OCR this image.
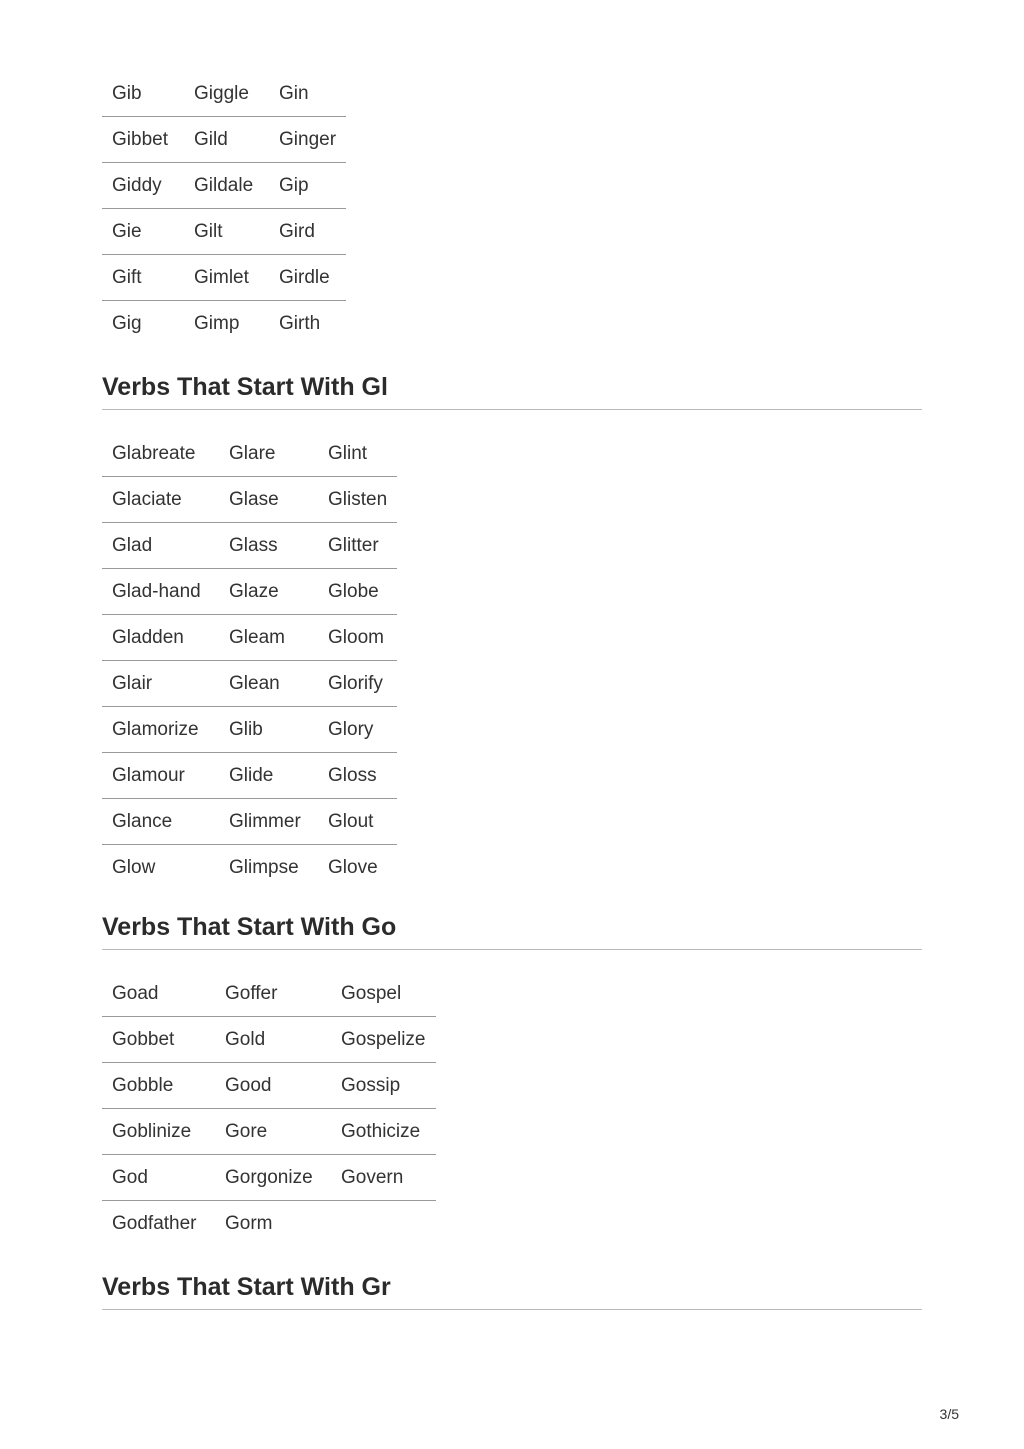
Gib	Giggle	Gin
Gibbet	Gild	Ginger
Giddy	Gildale	Gip
Gie	Gilt	Gird
Gift	Gimlet	Girdle
Gig	Gimp	Girth
Verbs That Start With Gl
Glabreate	Glare	Glint
Glaciate	Glase	Glisten
Glad	Glass	Glitter
Glad-hand	Glaze	Globe
Gladden	Gleam	Gloom
Glair	Glean	Glorify
Glamorize	Glib	Glory
Glamour	Glide	Gloss
Glance	Glimmer	Glout
Glow	Glimpse	Glove
Verbs That Start With Go
Goad	Goffer	Gospel
Gobbet	Gold	Gospelize
Gobble	Good	Gossip
Goblinize	Gore	Gothicize
God	Gorgonize	Govern
Godfather	Gorm	
Verbs That Start With Gr
3/5
